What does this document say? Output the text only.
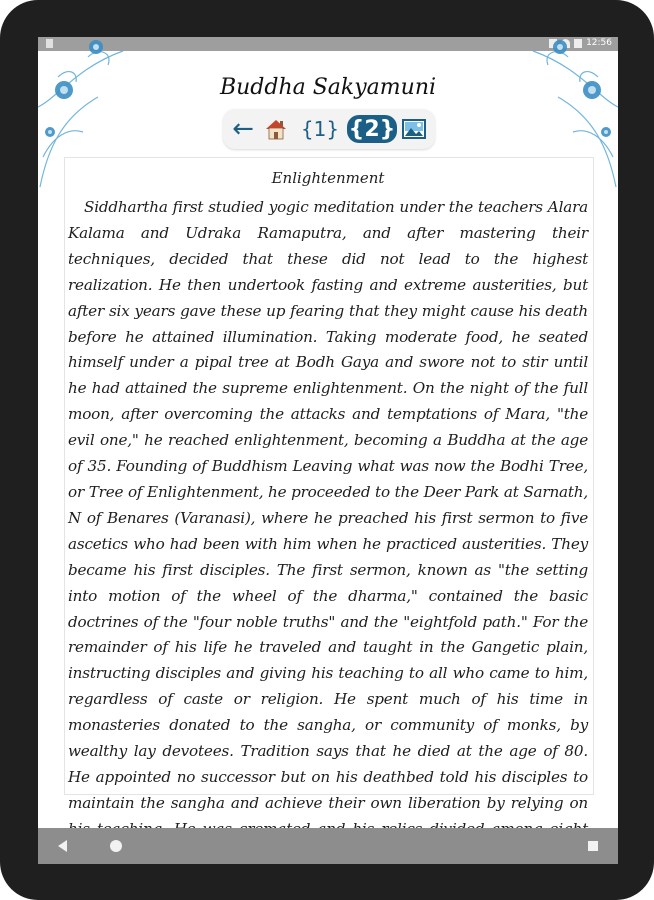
12:56
Buddha Sakyamuni
← {1} {2}
Enlightenment

Siddhartha first studied yogic meditation under the teachers Alara Kalama and Udraka Ramaputra, and after mastering their techniques, decided that these did not lead to the highest realization. He then undertook fasting and extreme austerities, but after six years gave these up fearing that they might cause his death before he attained illumination. Taking moderate food, he seated himself under a pipal tree at Bodh Gaya and swore not to stir until he had attained the supreme enlightenment. On the night of the full moon, after overcoming the attacks and temptations of Mara, "the evil one," he reached enlightenment, becoming a Buddha at the age of 35. Founding of Buddhism Leaving what was now the Bodhi Tree, or Tree of Enlightenment, he proceeded to the Deer Park at Sarnath, N of Benares (Varanasi), where he preached his first sermon to five ascetics who had been with him when he practiced austerities. They became his first disciples. The first sermon, known as "the setting into motion of the wheel of the dharma," contained the basic doctrines of the "four noble truths" and the "eightfold path." For the remainder of his life he traveled and taught in the Gangetic plain, instructing disciples and giving his teaching to all who came to him, regardless of caste or religion. He spent much of his time in monasteries donated to the sangha, or community of monks, by wealthy lay devotees. Tradition says that he died at the age of 80. He appointed no successor but on his deathbed told his disciples to maintain the sangha and achieve their own liberation by relying on
